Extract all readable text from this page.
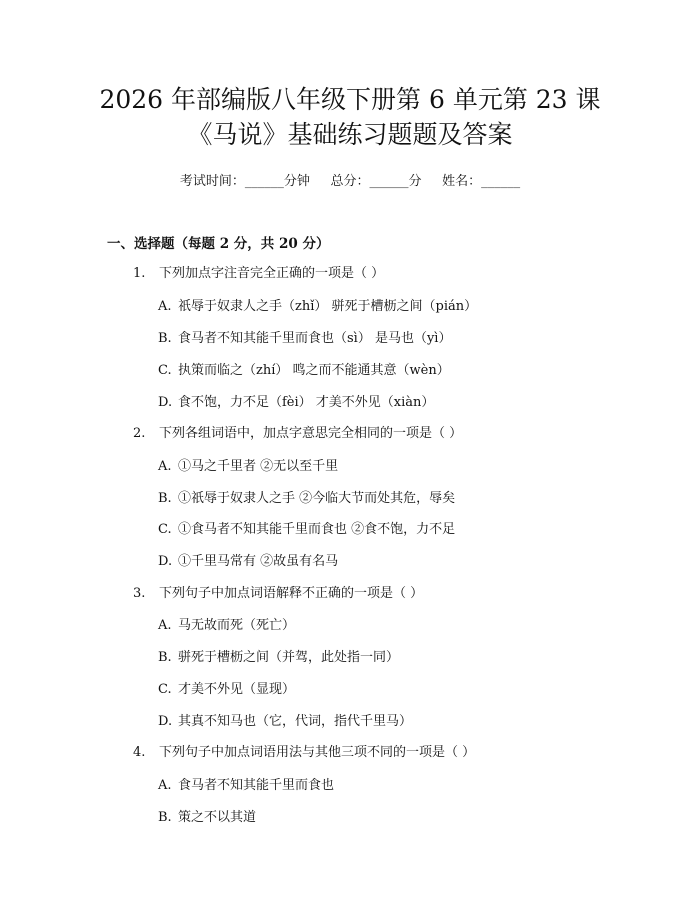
2026 年部编版八年级下册第 6 单元第 23 课
《马说》基础练习题题及答案
考试时间：______分钟     总分：______分     姓名：______
一、选择题（每题 2 分，共 20 分）
1. 下列加点字注音完全正确的一项是（ ）
A. 祇辱于奴隶人之手（zhǐ） 骈死于槽枥之间（pián）
B. 食马者不知其能千里而食也（sì） 是马也（yì）
C. 执策而临之（zhí） 鸣之而不能通其意（wèn）
D. 食不饱，力不足（fèi） 才美不外见（xiàn）
2. 下列各组词语中，加点字意思完全相同的一项是（ ）
A. ①马之千里者 ②无以至千里
B. ①祇辱于奴隶人之手 ②今临大节而处其危，辱矣
C. ①食马者不知其能千里而食也 ②食不饱，力不足
D. ①千里马常有 ②故虽有名马
3. 下列句子中加点词语解释不正确的一项是（ ）
A. 马无故而死（死亡）
B. 骈死于槽枥之间（并驾，此处指一同）
C. 才美不外见（显现）
D. 其真不知马也（它，代词，指代千里马）
4. 下列句子中加点词语用法与其他三项不同的一项是（ ）
A. 食马者不知其能千里而食也
B. 策之不以其道
